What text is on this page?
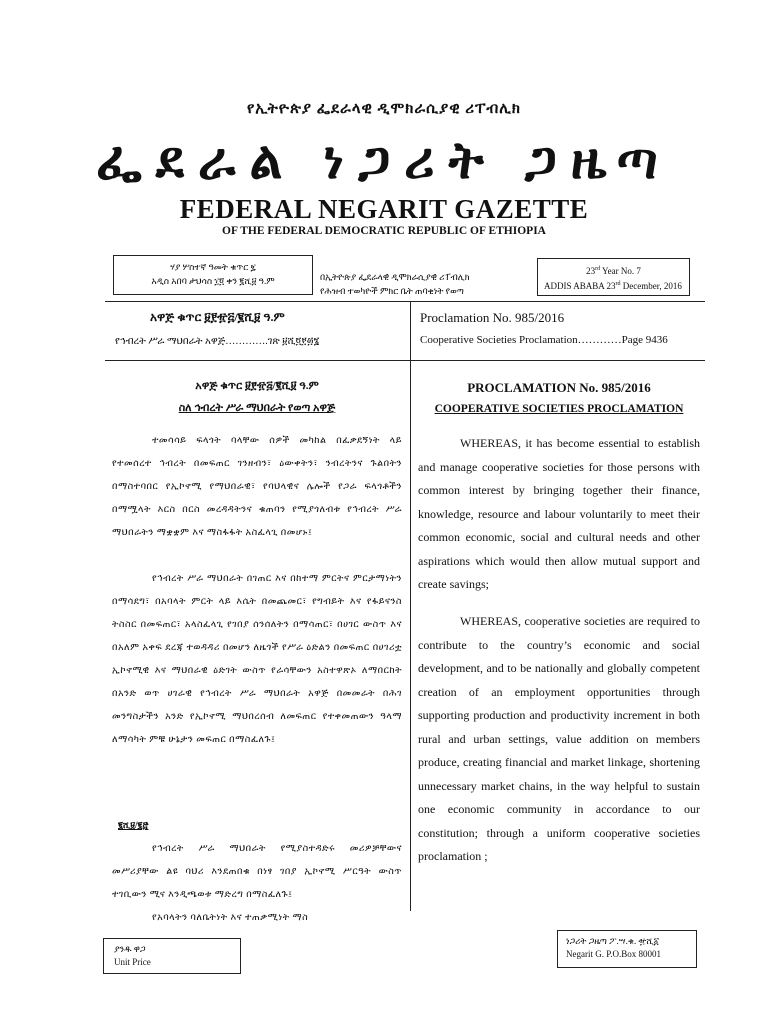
የኢትዮጵያ ፌደራላዊ ዲሞክራሲያዊ ሪፐብሊክ
ፌደራል ነጋሪት ጋዜጣ
FEDERAL NEGARIT GAZETTE
OF THE FEDERAL DEMOCRATIC REPUBLIC OF ETHIOPIA
ሃያ ሦስተኛ ዓመት ቁጥር ፯
አዲስ አበባ ታህሳስ ፲፬ ቀን ፪ሺ፱ ዓ.ም	በኢትዮጵያ ፌደራላዊ ዲሞክራሲያዊ ሪፐብሊክ
የሕዝብ ተወካዮች ምክር ቤት ጠባቂነት የወጣ
23rd Year No. 7
ADDIS ABABA 23rd December, 2016
አዋጅ ቁጥር ፱፻፹፭/፪ሺ፱ ዓ.ም
የኅብረት ሥራ ማህበራት አዋጅ………….ገጽ ፱ሺ፬፻፴፮
Proclamation No. 985/2016
Cooperative Societies Proclamation…………Page 9436
አዋጅ ቁጥር ፱፻፹፭/፪ሺ፱ ዓ.ም
ስለ ኅብረት ሥራ ማህበራት የወጣ አዋጅ
ተመሳሳይ ፍላጎት ባላቸው ሰዎች መካከል በፈቃደኝነት ላይ የተመሰረተ ኅብረት በመፍጠር ገንዘብን፣ ዕውቀትን፣ ንብረትንና ጉልበትን በማስተባበር የኢኮኖሚ የማህበራዊ፣ የባህላዊና ሌሎች የጋራ ፍላጎቶችን በማሟላት እርስ በርስ መረዳዳትንና ቁጠባን የሚያጎለብቱ የኅብረት ሥራ ማህበራትን ማቋቋም እና ማስፋፋት አስፈላጊ በመሆኑ፤
የኅብረት ሥራ ማህበራት በገጠር እና በከተማ ምርትና ምርታማነትን በማሳደግ፣ በአባላት ምርት ላይ እሴት በመጨመር፣ የግብይት እና የፋይናንስ ትስስር በመፍጠር፣ አላስፈላጊ የገበያ ሰንሰለትን በማሳጠር፣ በሀገር ውስጥ እና በአለም አቀፍ ደረጃ ተወዳዳሪ በመሆን ለዜጎች የሥራ ዕድልን በመፍጠር በሀገሪቷ ኢኮኖሚዊ እና ማህበራዊ ዕድገት ውስጥ የራሳቸውን አስተዋጽኦ ለማበርከት በአንድ ወጥ ሀገራዊ የኅብረት ሥራ ማህበራት አዋጅ በመመራት በሕገ መንግስታችን አንድ የኢኮኖሚ ማህበረሰብ ለመፍጠር የተቀመጠውን ዓላማ ለማሳካት ምቹ ሁኔታን መፍጠር በማስፈለጉ፤
፪ሺ፱/፪፸
የኅብረት ሥራ ማህበራት የሚያስተዳድሩ መሪዎቻቸውና መሥሪያቸው ልዩ ባህሪ እንደጠበቁ በነፃ ገበያ ኢኮኖሚ ሥርዓት ውስጥ ተገቢውን ሚና እንዲጫወቱ ማድረግ በማስፈለጉ፤
የአባላትን ባለቤትነት እና ተጠቃሚነት ማስ
PROCLAMATION No. 985/2016
COOPERATIVE SOCIETIES PROCLAMATION
WHEREAS, it has become essential to establish and manage cooperative societies for those persons with common interest by bringing together their finance, knowledge, resource and labour voluntarily to meet their common economic, social and cultural needs and other aspirations which would then allow mutual support and create savings;
WHEREAS, cooperative societies are required to contribute to the country’s economic and social development, and to be nationally and globally competent creation of an employment opportunities through supporting production and productivity increment in both rural and urban settings, value addition on members produce, creating financial and market linkage, shortening unnecessary market chains, in the way helpful to sustain one economic community in accordance to our constitution; through a uniform cooperative societies proclamation ;
ያንዱ ዋጋ
Unit Price
ነጋሪት ጋዜጣ ፖ.ሣ.ቁ. ፹ሺ፩
Negarit G. P.O.Box 80001
